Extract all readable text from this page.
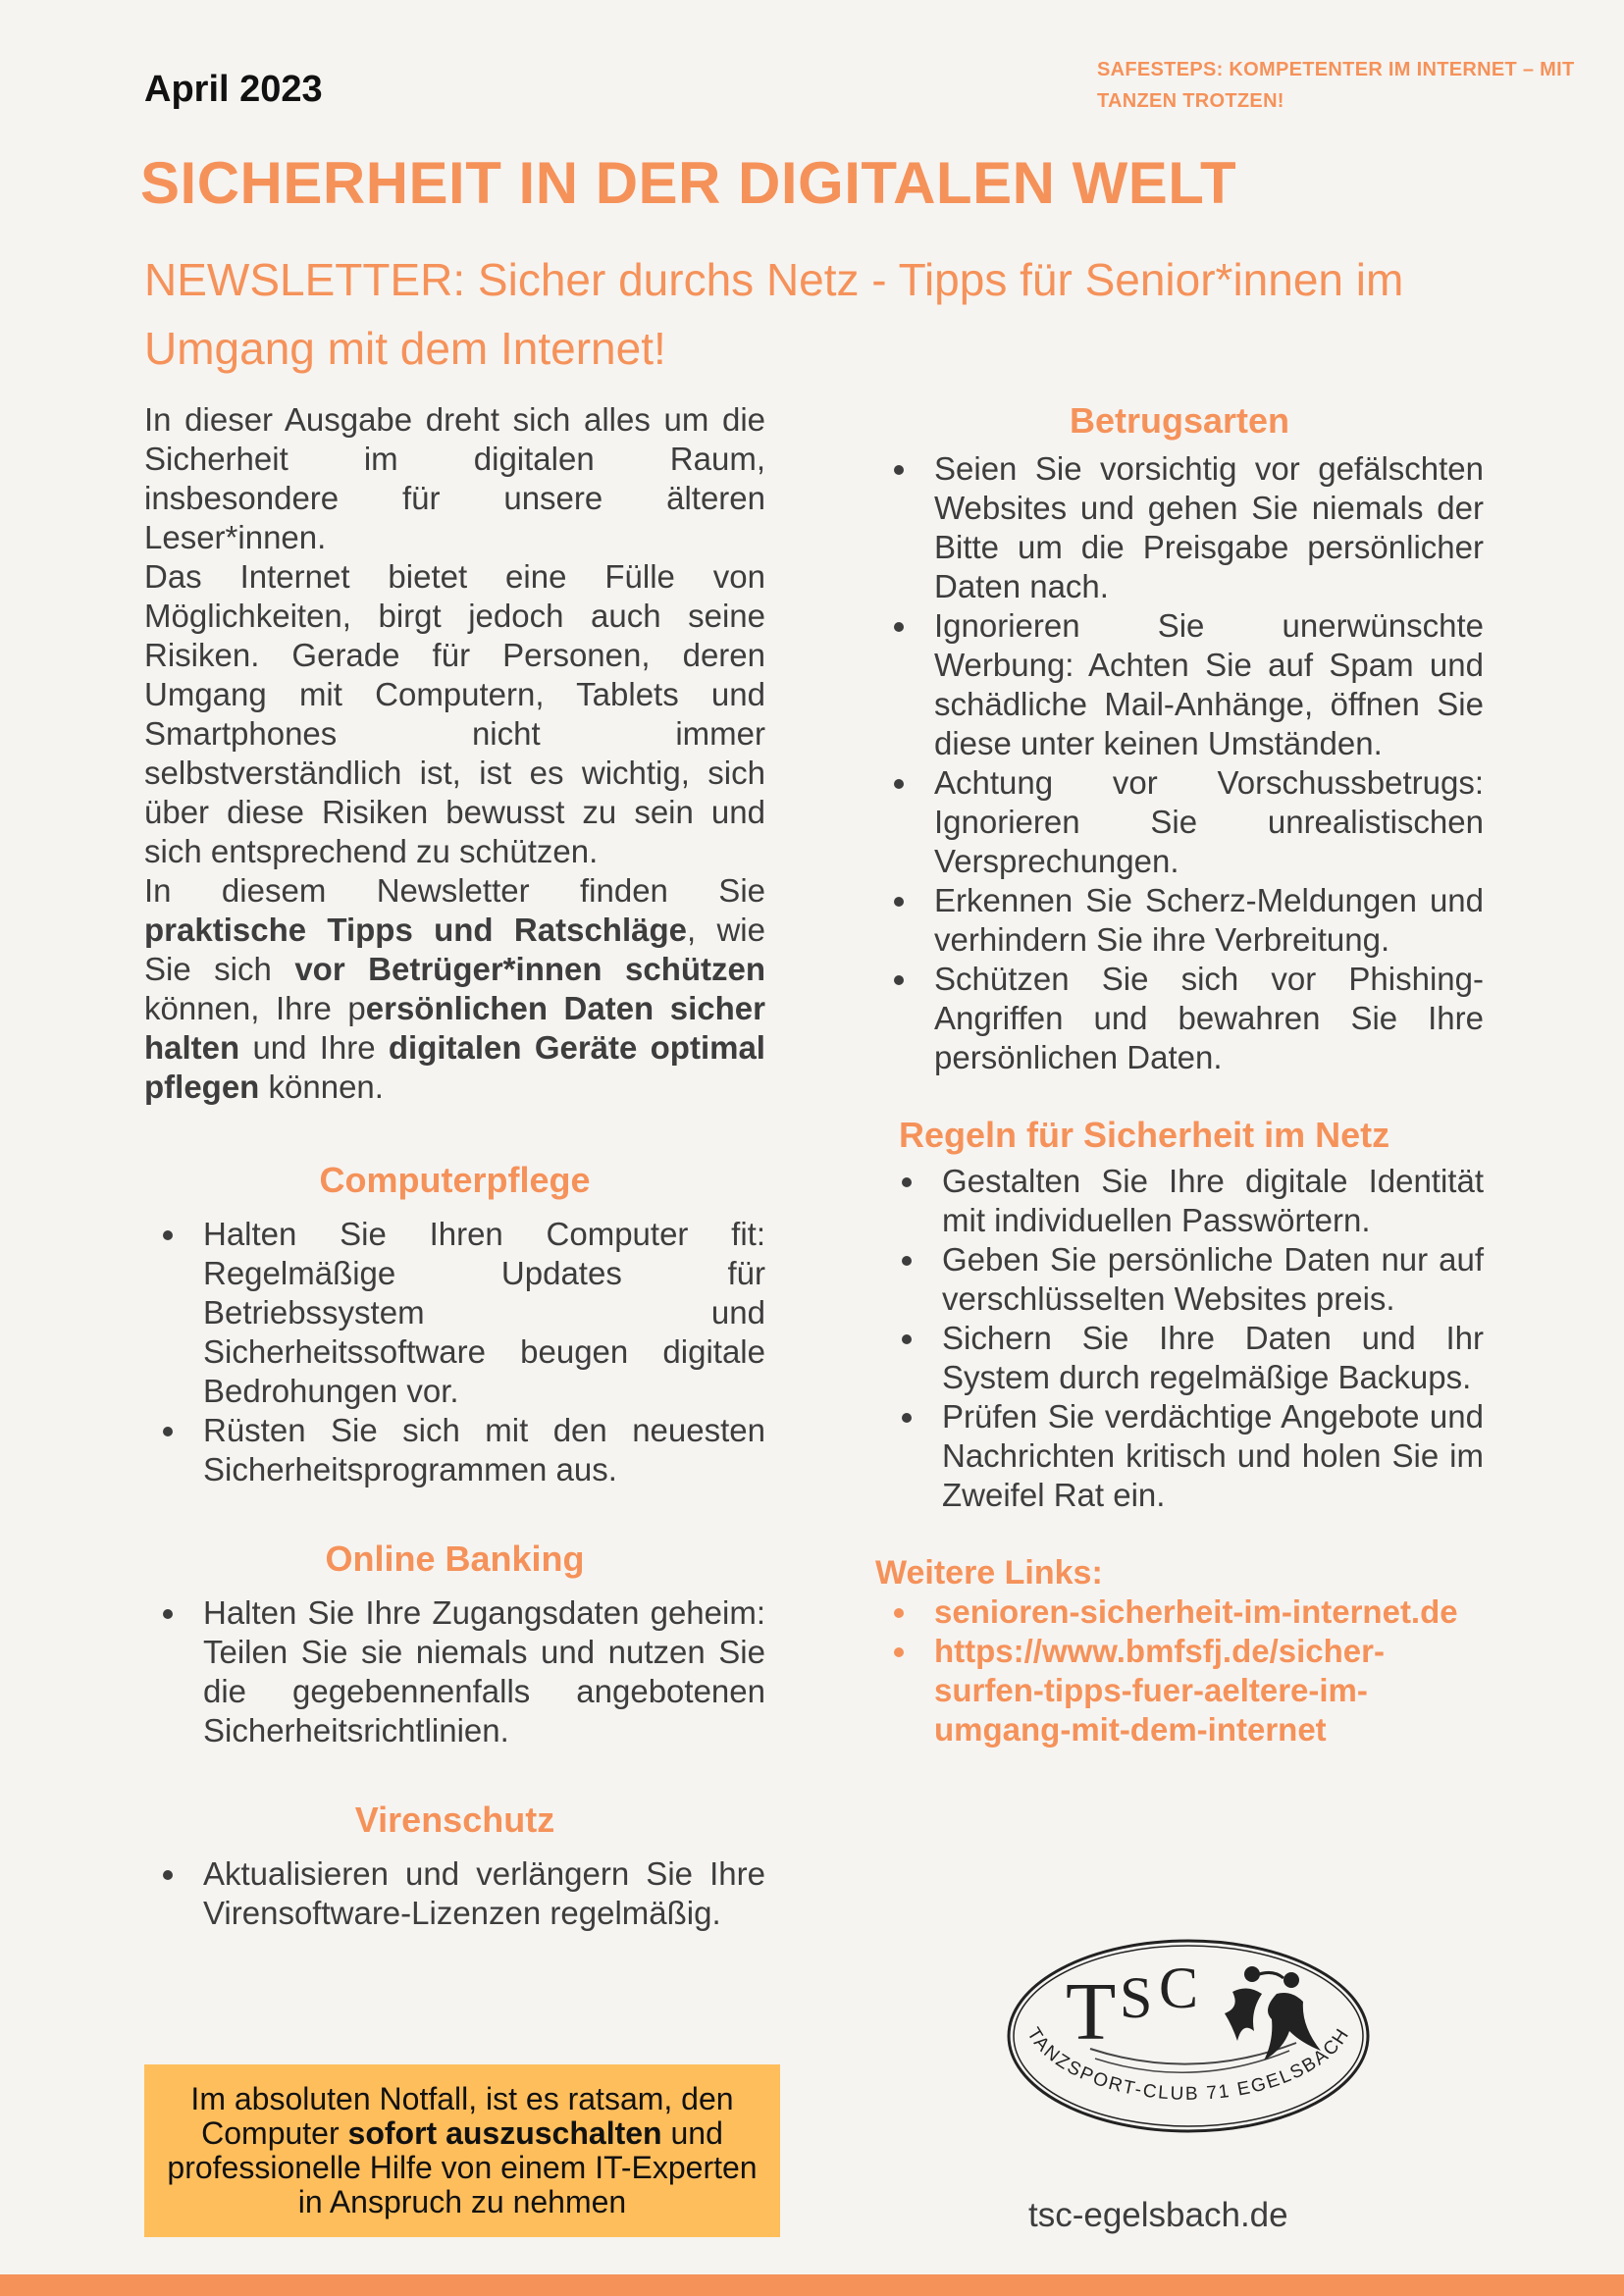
April 2023	SAFESTEPS: KOMPETENTER IM INTERNET – MIT TANZEN TROTZEN!
SICHERHEIT IN DER DIGITALEN WELT
NEWSLETTER: Sicher durchs Netz - Tipps für Senior*innen im Umgang mit dem Internet!

In dieser Ausgabe dreht sich alles um die Sicherheit im digitalen Raum, insbesondere für unsere älteren Leser*innen.

Das Internet bietet eine Fülle von Möglichkeiten, birgt jedoch auch seine Risiken. Gerade für Personen, deren Umgang mit Computern, Tablets und Smartphones nicht immer selbstverständlich ist, ist es wichtig, sich über diese Risiken bewusst zu sein und sich entsprechend zu schützen.

In diesem Newsletter finden Sie praktische Tipps und Ratschläge, wie Sie sich vor Betrüger*innen schützen können, Ihre persönlichen Daten sicher halten und Ihre digitalen Geräte optimal pflegen können.

Computerpflege
• Halten Sie Ihren Computer fit: Regelmäßige Updates für Betriebssystem und Sicherheitssoftware beugen digitale Bedrohungen vor.
• Rüsten Sie sich mit den neuesten Sicherheitsprogrammen aus.
Online Banking
• Halten Sie Ihre Zugangsdaten geheim: Teilen Sie sie niemals und nutzen Sie die gegebennenfalls angebotenen Sicherheitsrichtlinien.
Virenschutz
• Aktualisieren und verlängern Sie Ihre Virensoftware-Lizenzen regelmäßig.
Im absoluten Notfall, ist es ratsam, den Computer sofort auszuschalten und professionelle Hilfe von einem IT-Experten in Anspruch zu nehmen
Betrugsarten
• Seien Sie vorsichtig vor gefälschten Websites und gehen Sie niemals der Bitte um die Preisgabe persönlicher Daten nach.
• Ignorieren Sie unerwünschte Werbung: Achten Sie auf Spam und schädliche Mail-Anhänge, öffnen Sie diese unter keinen Umständen.
• Achtung vor Vorschussbetrugs: Ignorieren Sie unrealistischen Versprechungen.
• Erkennen Sie Scherz-Meldungen und verhindern Sie ihre Verbreitung.
• Schützen Sie sich vor Phishing-Angriffen und bewahren Sie Ihre persönlichen Daten.
Regeln für Sicherheit im Netz
• Gestalten Sie Ihre digitale Identität mit individuellen Passwörtern.
• Geben Sie persönliche Daten nur auf verschlüsselten Websites preis.
• Sichern Sie Ihre Daten und Ihr System durch regelmäßige Backups.
• Prüfen Sie verdächtige Angebote und Nachrichten kritisch und holen Sie im Zweifel Rat ein.
Weitere Links:
• senioren-sicherheit-im-internet.de
• https://www.bmfsfj.de/sicher-surfen-tipps-fuer-aeltere-im-umgang-mit-dem-internet
T S C
TANZSPORT-CLUB 71 EGELSBACH
tsc-egelsbach.de
